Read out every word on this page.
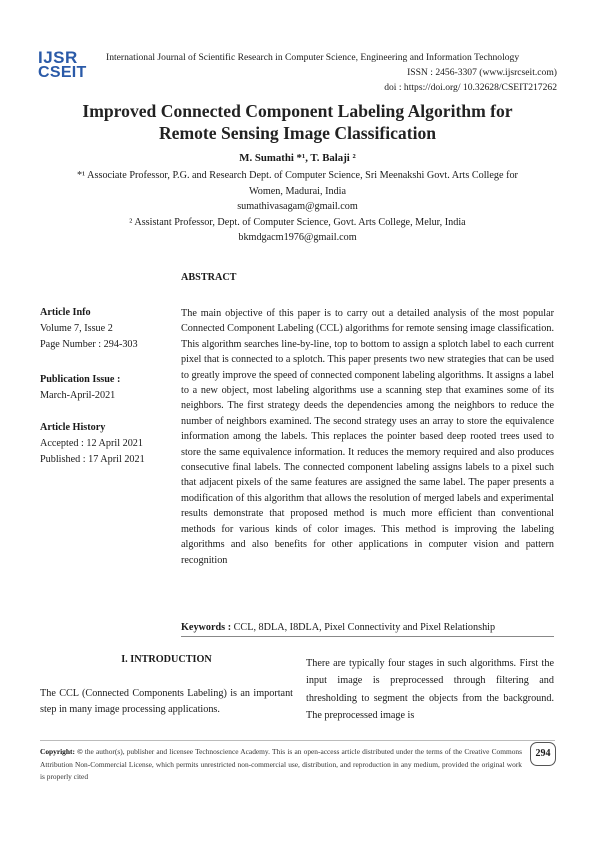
IJSR
CSEIT
International Journal of Scientific Research in Computer Science, Engineering and Information Technology
ISSN : 2456-3307 (www.ijsrcseit.com)
doi : https://doi.org/ 10.32628/CSEIT217262
Improved Connected Component Labeling Algorithm for
Remote Sensing Image Classification
M. Sumathi *¹, T. Balaji ²
*¹ Associate Professor, P.G. and Research Dept. of Computer Science, Sri Meenakshi Govt. Arts College for
Women, Madurai, India
sumathivasagam@gmail.com
² Assistant Professor, Dept. of Computer Science, Govt. Arts College, Melur, India
bkmdgacm1976@gmail.com
ABSTRACT
Article Info
Volume 7, Issue 2
Page Number : 294-303
Publication Issue :
March-April-2021
Article History
Accepted : 12 April 2021
Published : 17 April 2021
The main objective of this paper is to carry out a detailed analysis of the most popular Connected Component Labeling (CCL) algorithms for remote sensing image classification. This algorithm searches line-by-line, top to bottom to assign a splotch label to each current pixel that is connected to a splotch. This paper presents two new strategies that can be used to greatly improve the speed of connected component labeling algorithms. It assigns a label to a new object, most labeling algorithms use a scanning step that examines some of its neighbors. The first strategy deeds the dependencies among the neighbors to reduce the number of neighbors examined. The second strategy uses an array to store the equivalence information among the labels. This replaces the pointer based deep rooted trees used to store the same equivalence information. It reduces the memory required and also produces consecutive final labels. The connected component labeling assigns labels to a pixel such that adjacent pixels of the same features are assigned the same label. The paper presents a modification of this algorithm that allows the resolution of merged labels and experimental results demonstrate that proposed method is much more efficient than conventional methods for various kinds of color images. This method is improving the labeling algorithms and also benefits for other applications in computer vision and pattern recognition
Keywords : CCL, 8DLA, I8DLA, Pixel Connectivity and Pixel Relationship
I. INTRODUCTION
The CCL (Connected Components Labeling) is an important step in many image processing applications.
There are typically four stages in such algorithms. First the input image is preprocessed through filtering and thresholding to segment the objects from the background. The preprocessed image is
Copyright: © the author(s), publisher and licensee Technoscience Academy. This is an open-access article distributed under the terms of the Creative Commons Attribution Non-Commercial License, which permits unrestricted non-commercial use, distribution, and reproduction in any medium, provided the original work is properly cited
294
